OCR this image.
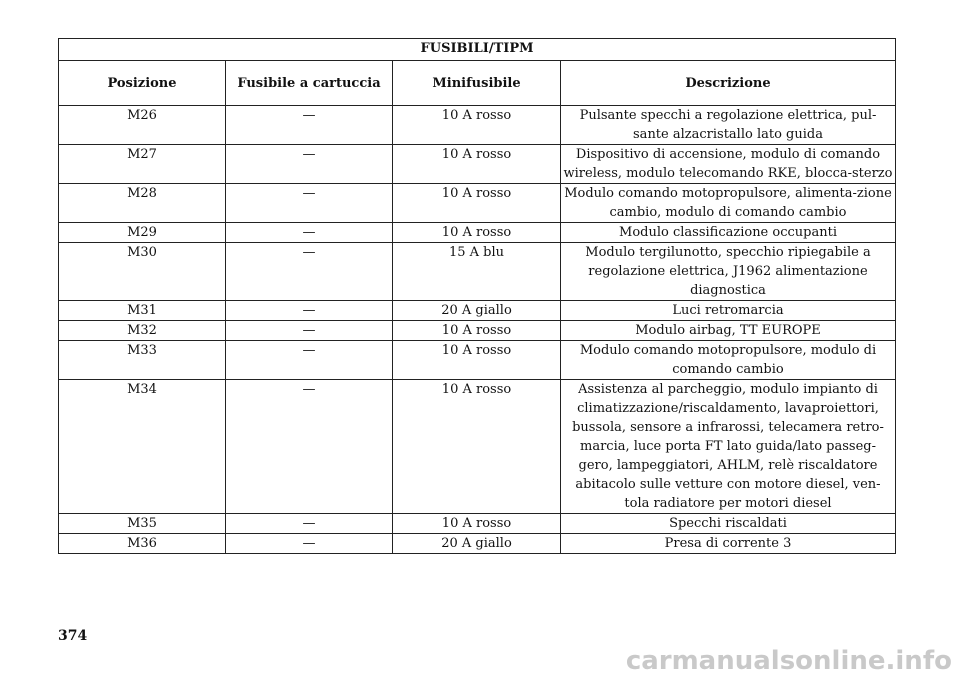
FUSIBILI/TIPM			
Posizione	Fusibile a cartuccia	Minifusibile	Descrizione
M26	—	10 A rosso	Pulsante specchi a regolazione elettrica, pul-sante alzacristallo lato guida
M27	—	10 A rosso	Dispositivo di accensione, modulo di comando wireless, modulo telecomando RKE, blocca-sterzo
M28	—	10 A rosso	Modulo comando motopropulsore, alimenta-zione cambio, modulo di comando cambio
M29	—	10 A rosso	Modulo classificazione occupanti
M30	—	15 A blu	Modulo tergilunotto, specchio ripiegabile a regolazione elettrica, J1962 alimentazione diagnostica
M31	—	20 A giallo	Luci retromarcia
M32	—	10 A rosso	Modulo airbag, TT EUROPE
M33	—	10 A rosso	Modulo comando motopropulsore, modulo di comando cambio
M34	—	10 A rosso	Assistenza al parcheggio, modulo impianto di climatizzazione/riscaldamento, lavaproiettori, bussola, sensore a infrarossi, telecamera retro-marcia, luce porta FT lato guida/lato passeg-gero, lampeggiatori, AHLM, relè riscaldatore abitacolo sulle vetture con motore diesel, ven-tola radiatore per motori diesel
M35	—	10 A rosso	Specchi riscaldati
M36	—	20 A giallo	Presa di corrente 3
374
carmanualsonline.info
